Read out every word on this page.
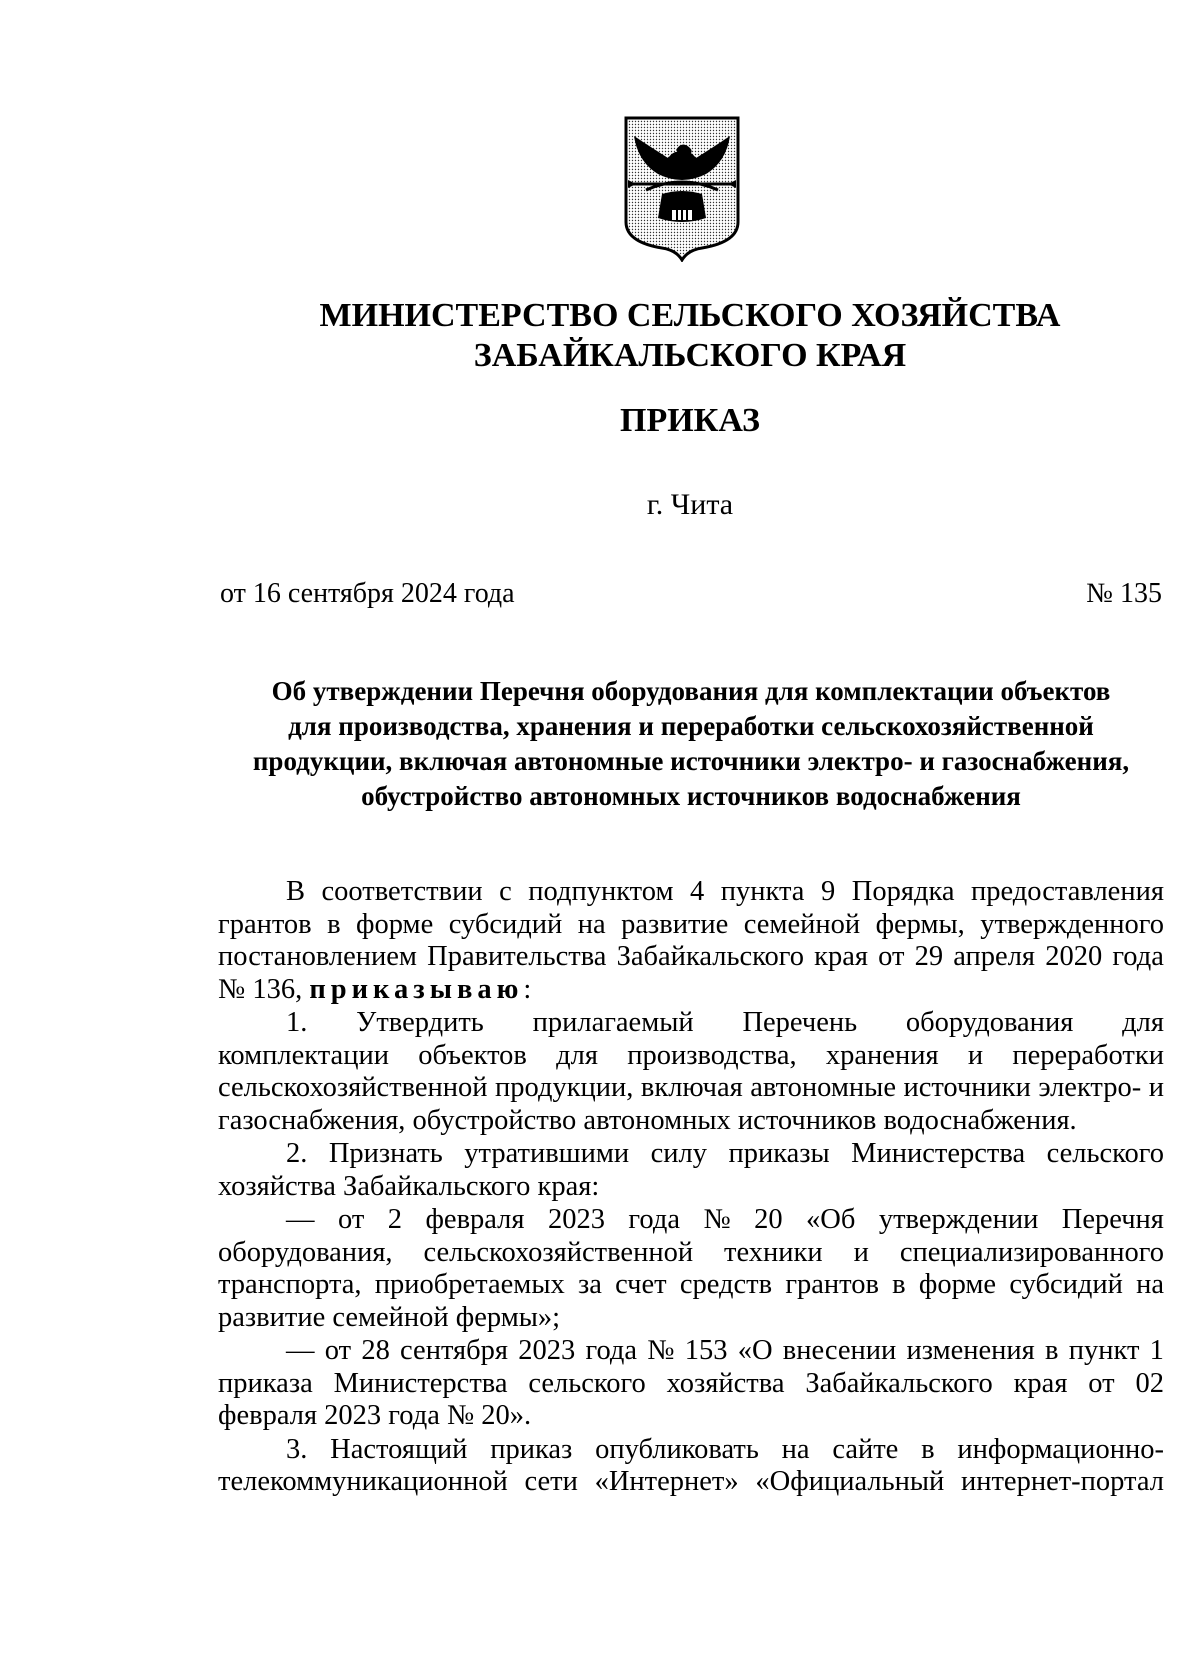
МИНИСТЕРСТВО СЕЛЬСКОГО ХОЗЯЙСТВА
ЗАБАЙКАЛЬСКОГО КРАЯ
ПРИКАЗ
г. Чита
от 16 сентября 2024 года	№ 135
Об утверждении Перечня оборудования для комплектации объектов
для производства, хранения и переработки сельскохозяйственной
продукции, включая автономные источники электро- и газоснабжения,
обустройство автономных источников водоснабжения
В соответствии с подпунктом 4 пункта 9 Порядка предоставления
грантов в форме субсидий на развитие семейной фермы, утвержденного
постановлением Правительства Забайкальского края от 29 апреля 2020 года
№ 136, приказываю :
1. Утвердить прилагаемый Перечень оборудования для
комплектации объектов для производства, хранения и переработки
сельскохозяйственной продукции, включая автономные источники электро- и
газоснабжения, обустройство автономных источников водоснабжения.
2. Признать утратившими силу приказы Министерства сельского
хозяйства Забайкальского края:
— от 2 февраля 2023 года № 20 «Об утверждении Перечня
оборудования, сельскохозяйственной техники и специализированного
транспорта, приобретаемых за счет средств грантов в форме субсидий на
развитие семейной фермы»;
— от 28 сентября 2023 года № 153 «О внесении изменения в пункт 1
приказа Министерства сельского хозяйства Забайкальского края от 02
февраля 2023 года № 20».
3. Настоящий приказ опубликовать на сайте в информационно-
телекоммуникационной сети «Интернет» «Официальный интернет-портал
